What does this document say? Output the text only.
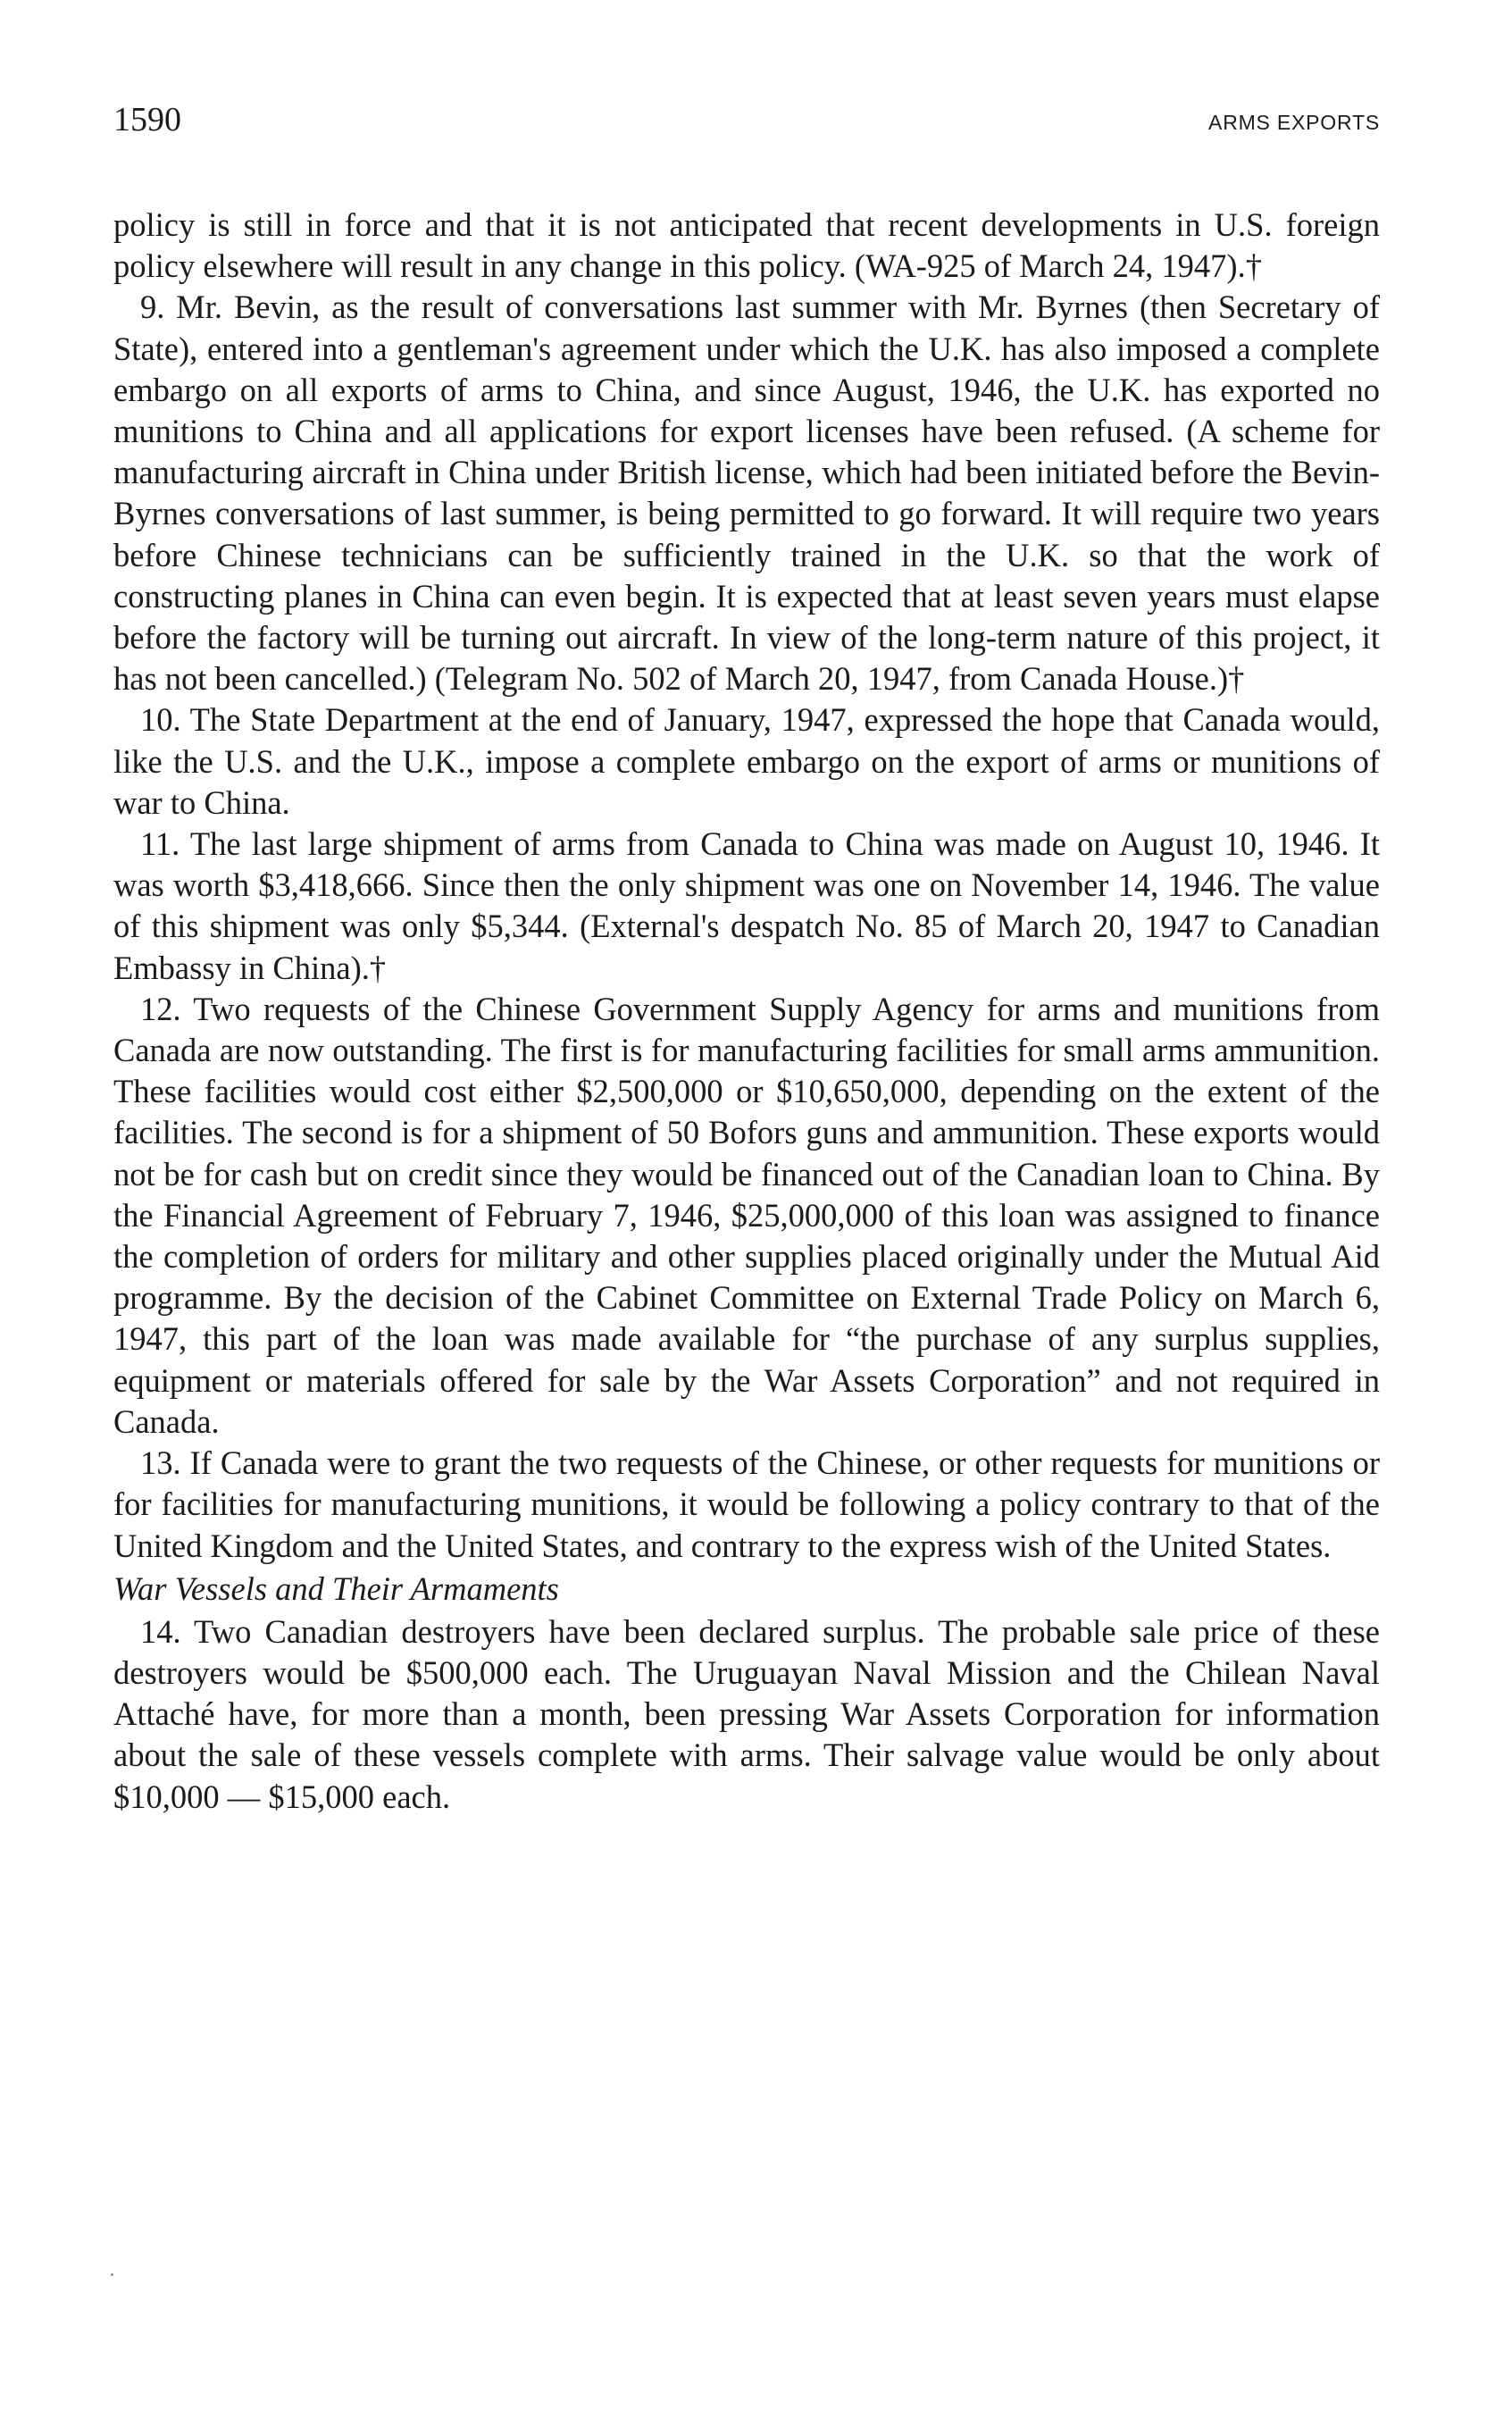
1590	ARMS EXPORTS

policy is still in force and that it is not anticipated that recent developments in U.S. foreign policy elsewhere will result in any change in this policy. (WA-925 of March 24, 1947).†

9. Mr. Bevin, as the result of conversations last summer with Mr. Byrnes (then Secretary of State), entered into a gentleman's agreement under which the U.K. has also imposed a complete embargo on all exports of arms to China, and since August, 1946, the U.K. has exported no munitions to China and all applications for export licenses have been refused. (A scheme for manufacturing aircraft in China under British license, which had been initiated before the Bevin-Byrnes conversations of last summer, is being permitted to go forward. It will require two years before Chinese technicians can be sufficiently trained in the U.K. so that the work of constructing planes in China can even begin. It is expected that at least seven years must elapse before the factory will be turning out aircraft. In view of the long-term nature of this project, it has not been cancelled.) (Telegram No. 502 of March 20, 1947, from Canada House.)†

10. The State Department at the end of January, 1947, expressed the hope that Canada would, like the U.S. and the U.K., impose a complete embargo on the export of arms or munitions of war to China.

11. The last large shipment of arms from Canada to China was made on August 10, 1946. It was worth $3,418,666. Since then the only shipment was one on November 14, 1946. The value of this shipment was only $5,344. (External's despatch No. 85 of March 20, 1947 to Canadian Embassy in China).†

12. Two requests of the Chinese Government Supply Agency for arms and munitions from Canada are now outstanding. The first is for manufacturing facilities for small arms ammunition. These facilities would cost either $2,500,000 or $10,650,000, depending on the extent of the facilities. The second is for a shipment of 50 Bofors guns and ammunition. These exports would not be for cash but on credit since they would be financed out of the Canadian loan to China. By the Financial Agreement of February 7, 1946, $25,000,000 of this loan was assigned to finance the completion of orders for military and other supplies placed originally under the Mutual Aid programme. By the decision of the Cabinet Committee on External Trade Policy on March 6, 1947, this part of the loan was made available for “the purchase of any surplus supplies, equipment or materials offered for sale by the War Assets Corporation” and not required in Canada.

13. If Canada were to grant the two requests of the Chinese, or other requests for munitions or for facilities for manufacturing munitions, it would be following a policy contrary to that of the United Kingdom and the United States, and contrary to the express wish of the United States.

War Vessels and Their Armaments

14. Two Canadian destroyers have been declared surplus. The probable sale price of these destroyers would be $500,000 each. The Uruguayan Naval Mission and the Chilean Naval Attaché have, for more than a month, been pressing War Assets Corporation for information about the sale of these vessels complete with arms. Their salvage value would be only about $10,000 — $15,000 each.
